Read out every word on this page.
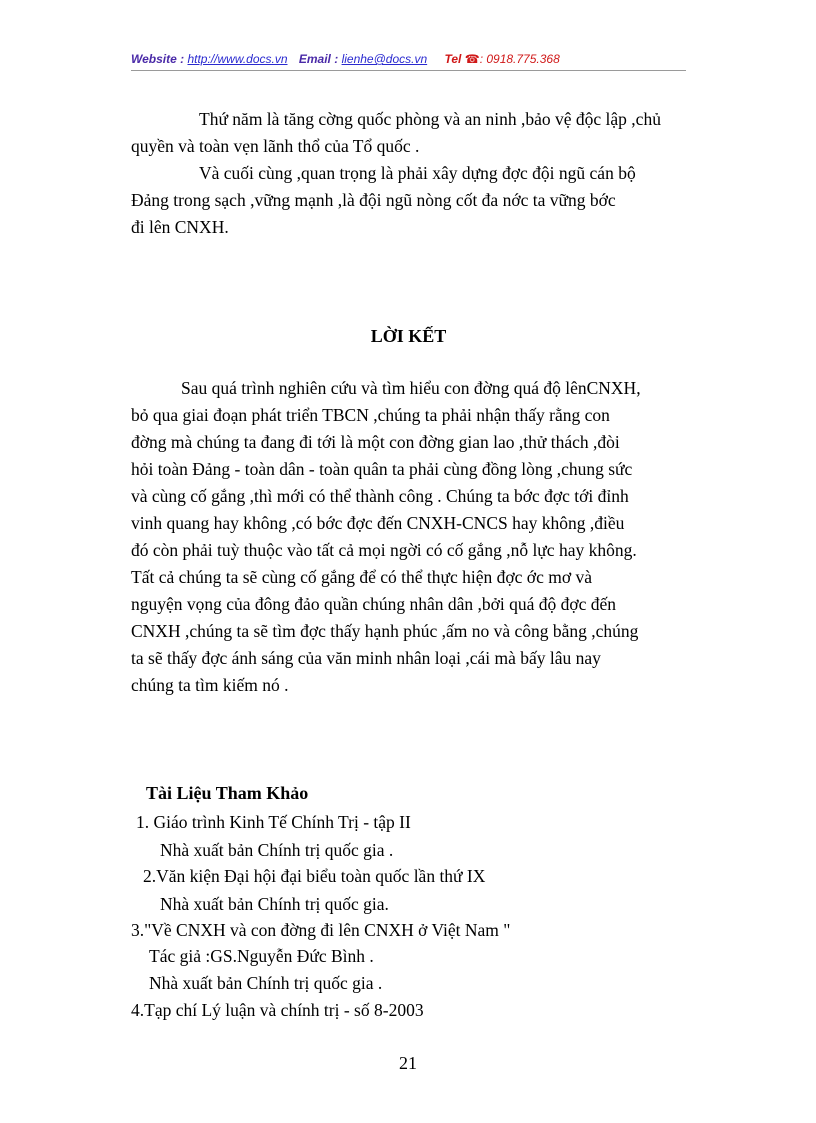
Website : http://www.docs.vn Email : lienhe@docs.vn Tel ☎: 0918.775.368
Thứ năm là tăng cờng quốc phòng và an ninh ,bảo vệ độc lập ,chủ
quyền và toàn vẹn lãnh thổ của Tổ quốc .
Và cuối cùng ,quan trọng là phải xây dựng đợc đội ngũ cán bộ
Đảng trong sạch ,vững mạnh ,là đội ngũ nòng cốt đa nớc ta vững bớc
đi lên CNXH.
LỜI KẾT
Sau quá trình nghiên cứu và tìm hiểu con đờng quá độ lênCNXH,
bỏ qua giai đoạn phát triển TBCN ,chúng ta phải nhận thấy rằng con
đờng mà chúng ta đang đi tới là một con đờng gian lao ,thử thách ,đòi
hỏi toàn Đảng - toàn dân - toàn quân ta phải cùng đồng lòng ,chung sức
và cùng cố gắng ,thì mới có thể thành công . Chúng ta bớc đợc tới đỉnh
vinh quang hay không ,có bớc đợc đến CNXH-CNCS hay không ,điều
đó còn phải tuỳ thuộc vào tất cả mọi ngời có cố gắng ,nỗ lực hay không.
Tất cả chúng ta sẽ cùng cố gắng để có thể thực hiện đợc ớc mơ và
nguyện vọng của đông đảo quần chúng nhân dân ,bởi quá độ đợc đến
CNXH ,chúng ta sẽ tìm đợc thấy hạnh phúc ,ấm no và công bằng ,chúng
ta sẽ thấy đợc ánh sáng của văn minh nhân loại ,cái mà bấy lâu nay
chúng ta tìm kiếm nó .
Tài Liệu Tham Khảo
1. Giáo trình Kinh Tế Chính Trị - tập II
Nhà xuất bản Chính trị quốc gia .
2.Văn kiện Đại hội đại biểu toàn quốc lần thứ IX
Nhà xuất bản Chính trị quốc gia.
3."Về CNXH và con đờng đi lên CNXH ở Việt Nam "
Tác giả :GS.Nguyễn Đức Bình .
Nhà xuất bản Chính trị quốc gia .
4.Tạp chí Lý luận và chính trị - số 8-2003
21
